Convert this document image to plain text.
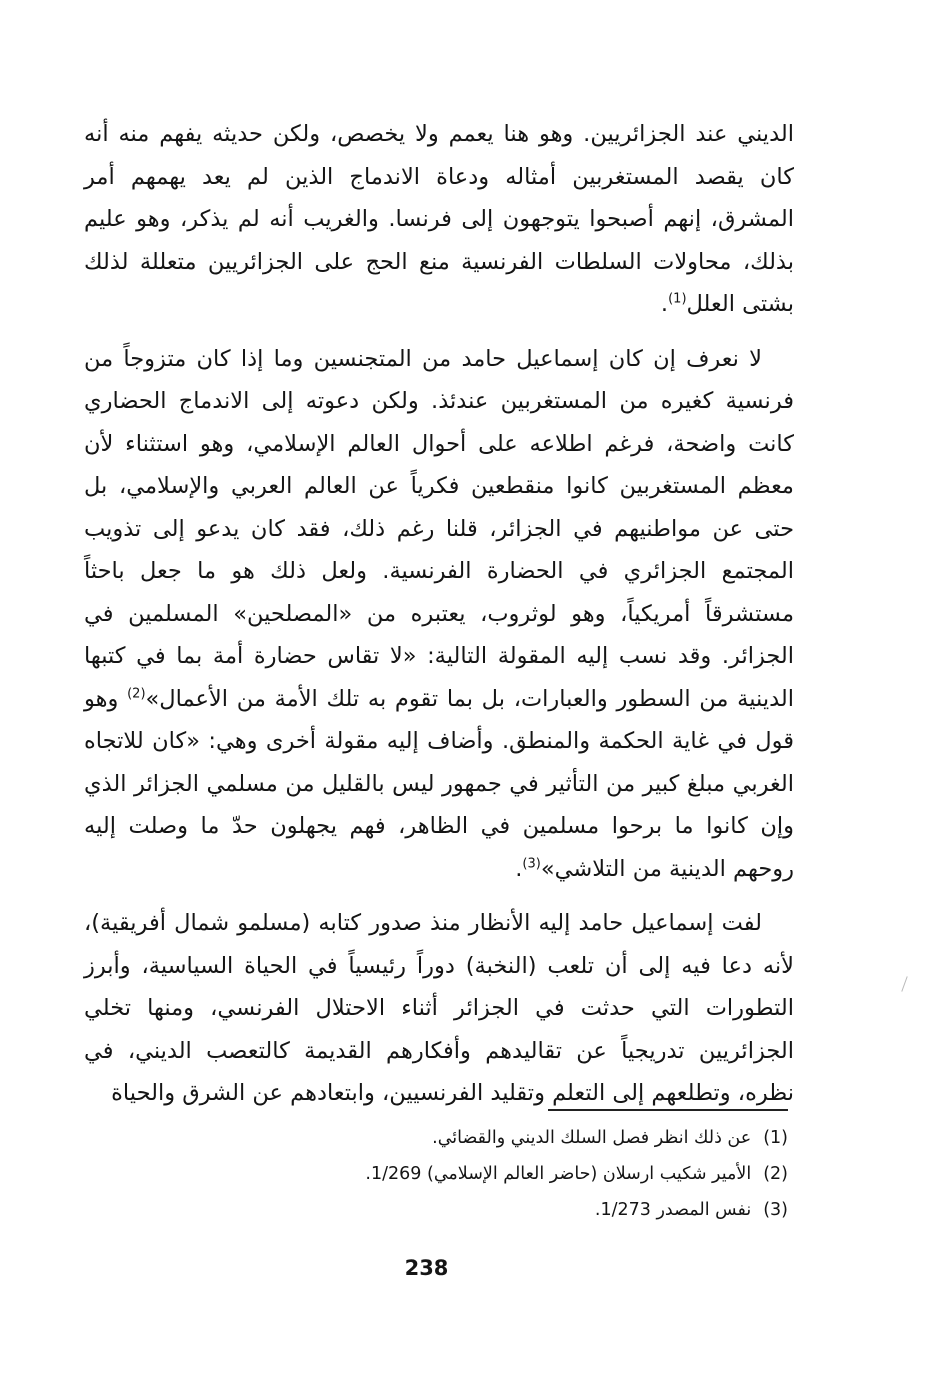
الديني عند الجزائريين. وهو هنا يعمم ولا يخصص، ولكن حديثه يفهم منه أنه كان يقصد المستغربين أمثاله ودعاة الاندماج الذين لم يعد يهمهم أمر المشرق، إنهم أصبحوا يتوجهون إلى فرنسا. والغريب أنه لم يذكر، وهو عليم بذلك، محاولات السلطات الفرنسية منع الحج على الجزائريين متعللة لذلك بشتى العلل$^{(1)}$.

لا نعرف إن كان إسماعيل حامد من المتجنسين وما إذا كان متزوجاً من فرنسية كغيره من المستغربين عندئذ. ولكن دعوته إلى الاندماج الحضاري كانت واضحة، فرغم اطلاعه على أحوال العالم الإسلامي، وهو استثناء لأن معظم المستغربين كانوا منقطعين فكرياً عن العالم العربي والإسلامي، بل حتى عن مواطنيهم في الجزائر، قلنا رغم ذلك، فقد كان يدعو إلى تذويب المجتمع الجزائري في الحضارة الفرنسية. ولعل ذلك هو ما جعل باحثاً مستشرقاً أمريكياً، وهو لوثروب، يعتبره من «المصلحين» المسلمين في الجزائر. وقد نسب إليه المقولة التالية: «لا تقاس حضارة أمة بما في كتبها الدينية من السطور والعبارات، بل بما تقوم به تلك الأمة من الأعمال»$^{(2)}$ وهو قول في غاية الحكمة والمنطق. وأضاف إليه مقولة أخرى وهي: «كان للاتجاه الغربي مبلغ كبير من التأثير في جمهور ليس بالقليل من مسلمي الجزائر الذي وإن كانوا ما برحوا مسلمين في الظاهر، فهم يجهلون حدّ ما وصلت إليه روحهم الدينية من التلاشي»$^{(3)}$.

لفت إسماعيل حامد إليه الأنظار منذ صدور كتابه (مسلمو شمال أفريقية)، لأنه دعا فيه إلى أن تلعب (النخبة) دوراً رئيسياً في الحياة السياسية، وأبرز التطورات التي حدثت في الجزائر أثناء الاحتلال الفرنسي، ومنها تخلي الجزائريين تدريجياً عن تقاليدهم وأفكارهم القديمة كالتعصب الديني، في نظره، وتطلعهم إلى التعلم وتقليد الفرنسيين، وابتعادهم عن الشرق والحياة

(1)عن ذلك انظر فصل السلك الديني والقضائي.

(2)الأمير شكيب ارسلان (حاضر العالم الإسلامي) 1/269.

(3)نفس المصدر 1/273.

238
